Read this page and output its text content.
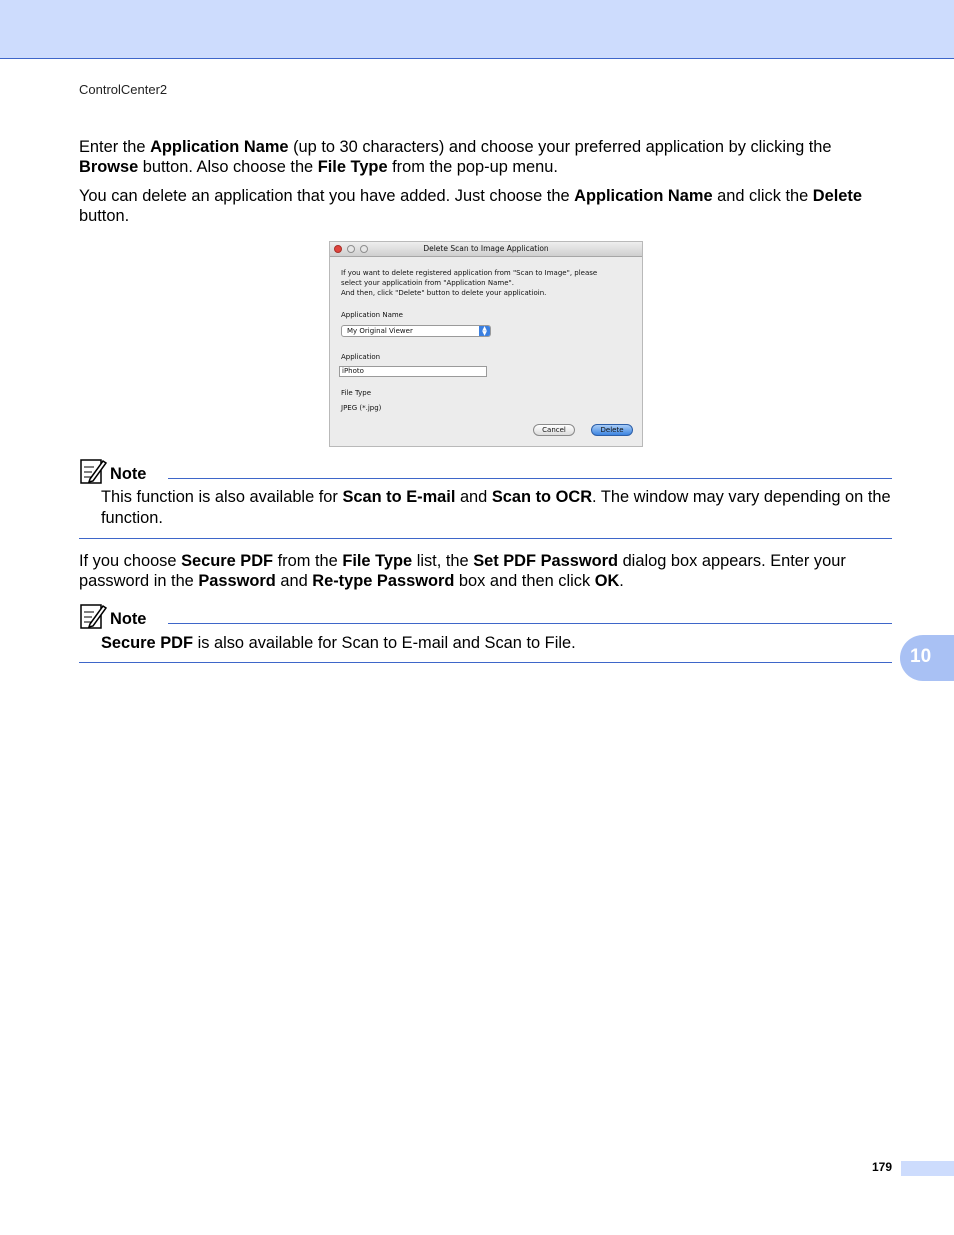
ControlCenter2
Enter the Application Name (up to 30 characters) and choose your preferred application by clicking the Browse button. Also choose the File Type from the pop-up menu.
You can delete an application that you have added. Just choose the Application Name and click the Delete button.
Delete Scan to Image Application
If you want to delete registered application from "Scan to Image", please
select your applicatioin from "Application Name".
And then, click "Delete" button to delete your applicatioin.
Application Name
My Original Viewer	▲
▼
Application
iPhoto
File Type
JPEG (*.jpg)
Cancel	Delete
Note
This function is also available for Scan to E-mail and Scan to OCR. The window may vary depending on the function.
If you choose Secure PDF from the File Type list, the Set PDF Password dialog box appears. Enter your password in the Password and Re-type Password box and then click OK.
Note
Secure PDF is also available for Scan to E-mail and Scan to File.
10
179
